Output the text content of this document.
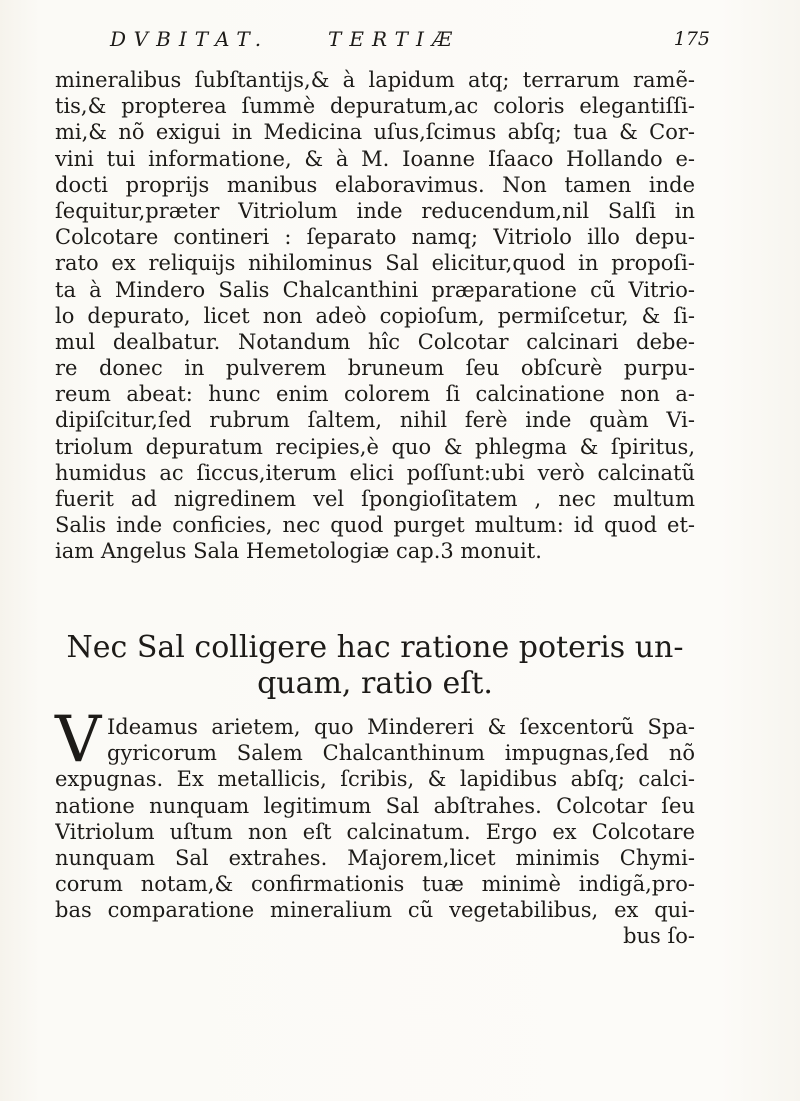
DVBITAT.	TERTIÆ	175
mineralibus ſubſtantijs,& à lapidum atq; terrarum ramẽ-
tis,& propterea ſummè depuratum,ac coloris elegantiſſi-
mi,& nõ exigui in Medicina uſus,ſcimus abſq; tua & Cor-
vini tui informatione, & à M. Ioanne Iſaaco Hollando e-
docti proprijs manibus elaboravimus. Non tamen inde
ſequitur,præter Vitriolum inde reducendum,nil Salſi in
Colcotare contineri : ſeparato namq; Vitriolo illo depu-
rato ex reliquijs nihilominus Sal elicitur,quod in propoſi-
ta à Mindero Salis Chalcanthini præparatione cũ Vitrio-
lo depurato, licet non adeò copioſum, permiſcetur, & ſi-
mul dealbatur. Notandum hîc Colcotar calcinari debe-
re donec in pulverem bruneum ſeu obſcurè purpu-
reum abeat: hunc enim colorem ſi calcinatione non a-
dipiſcitur,ſed rubrum ſaltem, nihil ferè inde quàm Vi-
triolum depuratum recipies,è quo & phlegma & ſpiritus,
humidus ac ſiccus,iterum elici poſſunt:ubi verò calcinatũ
fuerit ad nigredinem vel ſpongioſitatem , nec multum
Salis inde conficies, nec quod purget multum: id quod et-
iam Angelus Sala Hemetologiæ cap.3 monuit.
Nec Sal colligere hac ratione poteris un-
quam, ratio eſt.
V Ideamus arietem, quo Mindereri & ſexcentorũ Spa-
gyricorum Salem Chalcanthinum impugnas,ſed nõ
expugnas. Ex metallicis, ſcribis, & lapidibus abſq; calci-
natione nunquam legitimum Sal abſtrahes. Colcotar ſeu
Vitriolum uſtum non eſt calcinatum. Ergo ex Colcotare
nunquam Sal extrahes. Majorem,licet minimis Chymi-
corum notam,& confirmationis tuæ minimè indigã,pro-
bas comparatione mineralium cũ vegetabilibus, ex qui-
bus ſo-
